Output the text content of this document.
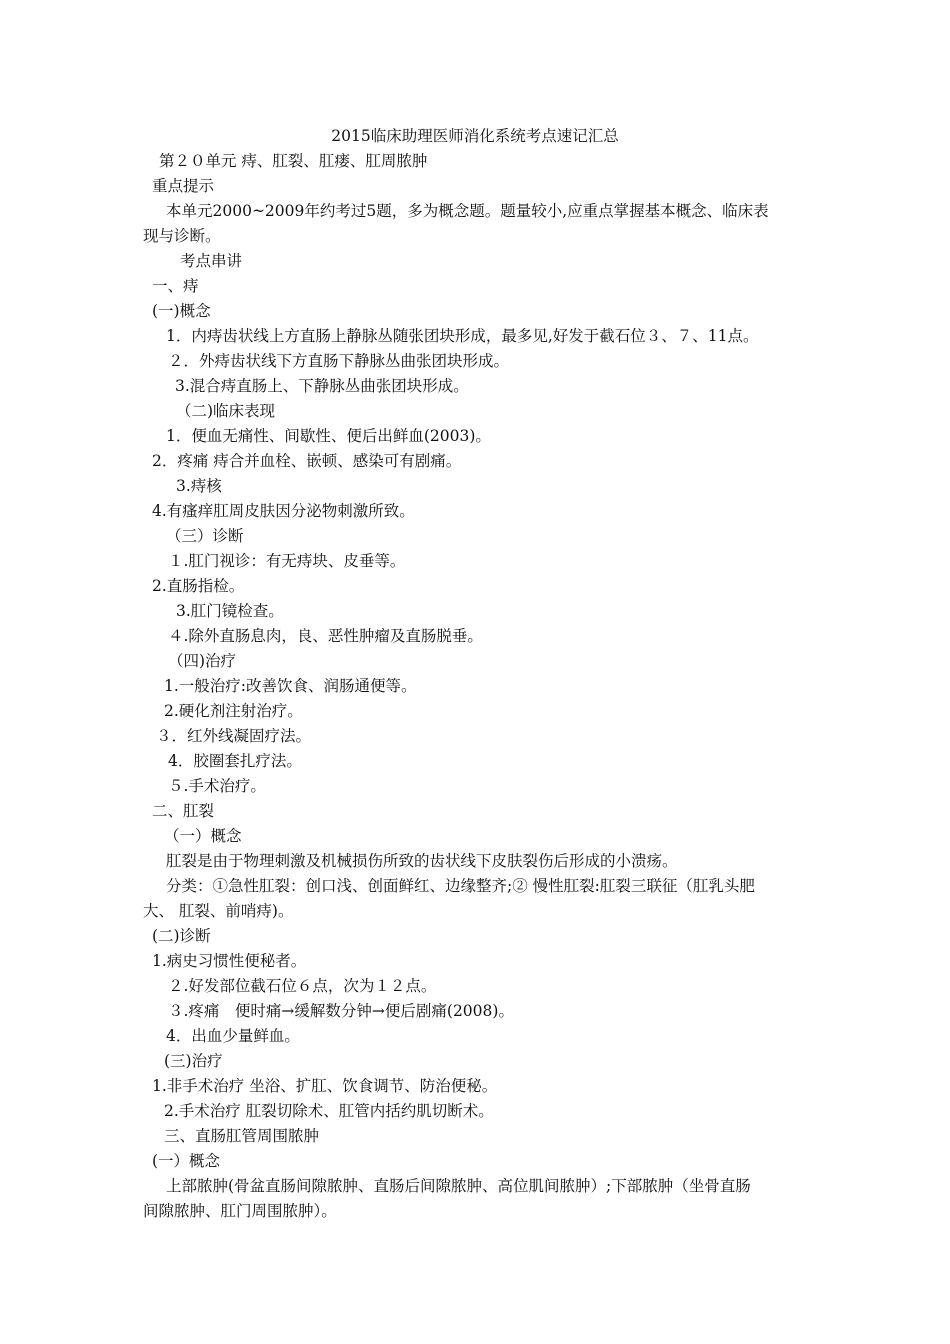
2015临床助理医师消化系统考点速记汇总
第２０单元 痔、肛裂、肛瘘、肛周脓肿
重点提示
本单元2000~2009年约考过5题，多为概念题。题量较小,应重点掌握基本概念、临床表
现与诊断。
考点串讲
一、痔
(一)概念
1．内痔齿状线上方直肠上静脉丛随张团块形成，最多见,好发于截石位３、７、11点。
２．外痔齿状线下方直肠下静脉丛曲张团块形成。
3.混合痔直肠上、下静脉丛曲张团块形成。
（二)临床表现
1．便血无痛性、间歇性、便后出鲜血(2003)。
2．疼痛 痔合并血栓、嵌顿、感染可有剧痛。
3.痔核
4.有瘙痒肛周皮肤因分泌物刺激所致。
（三）诊断
１.肛门视诊：有无痔块、皮垂等。
2.直肠指检。
3.肛门镜检查。
４.除外直肠息肉，良、恶性肿瘤及直肠脱垂。
（四)治疗
1.一般治疗:改善饮食、润肠通便等。
2.硬化剂注射治疗。
３．红外线凝固疗法。
4．胶圈套扎疗法。
５.手术治疗。
二、肛裂
（一）概念
肛裂是由于物理刺激及机械损伤所致的齿状线下皮肤裂伤后形成的小溃疡。
分类：①急性肛裂：创口浅、创面鲜红、边缘整齐;② 慢性肛裂:肛裂三联征（肛乳头肥
大、 肛裂、前哨痔)。
(二)诊断
1.病史习惯性便秘者。
２.好发部位截石位６点，次为１２点。
３.疼痛　便时痛→缓解数分钟→便后剧痛(2008)。
4．出血少量鲜血。
(三)治疗
1.非手术治疗 坐浴、扩肛、饮食调节、防治便秘。
2.手术治疗 肛裂切除术、肛管内括约肌切断术。
三、直肠肛管周围脓肿
(一）概念
上部脓肿(骨盆直肠间隙脓肿、直肠后间隙脓肿、高位肌间脓肿）;下部脓肿（坐骨直肠
间隙脓肿、肛门周围脓肿）。
